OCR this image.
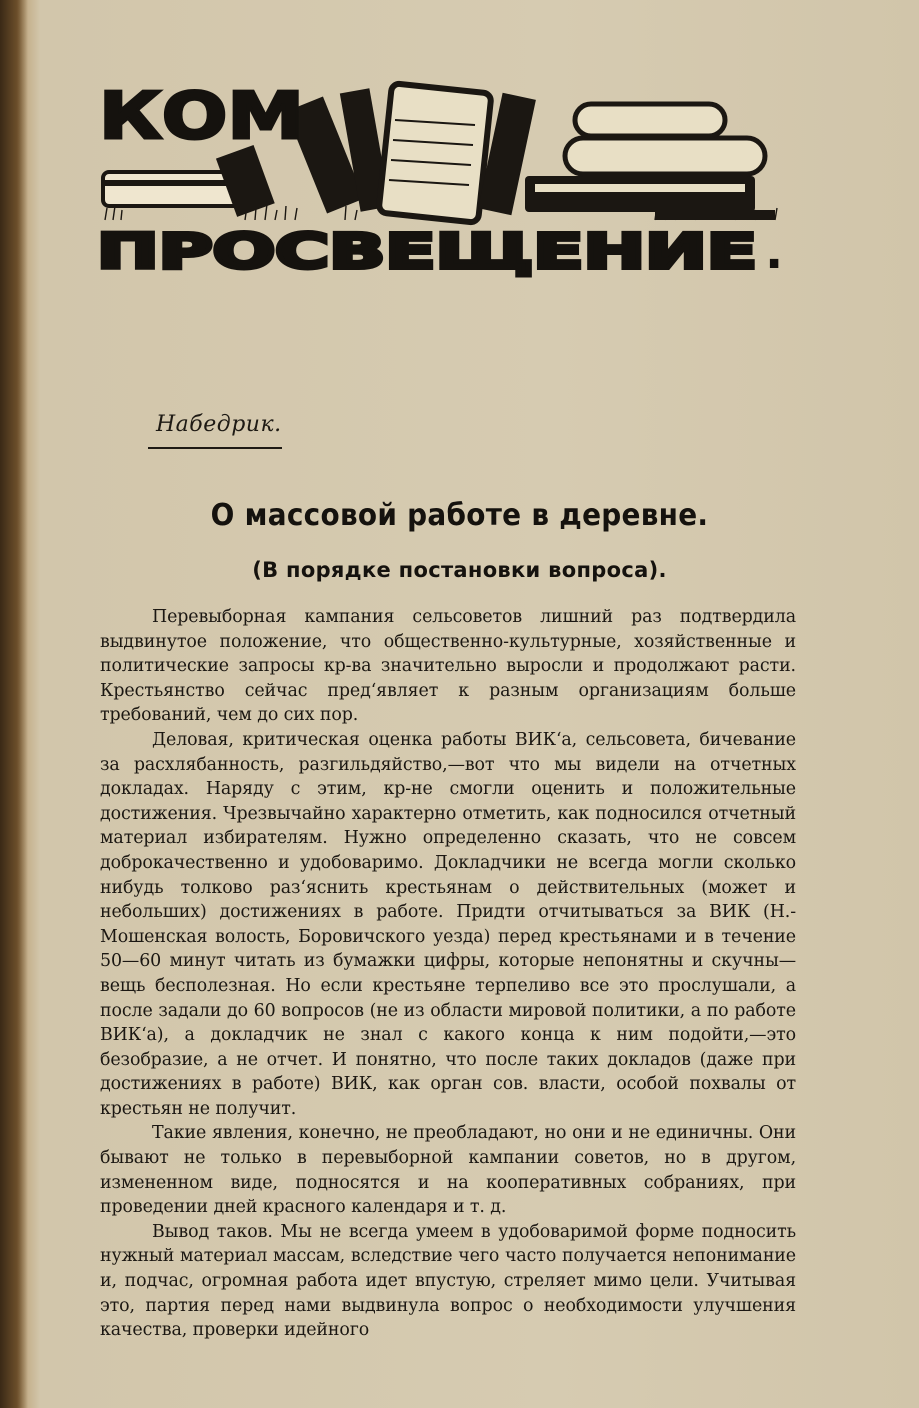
КОМ
ПРОСВЕЩЕНИЕ .
Набедрик.
О массовой работе в деревне.
(В порядке постановки вопроса).

Перевыборная кампания сельсоветов лишний раз подтвердила выдвинутое положение, что общественно-культурные, хозяйственные и политические запросы кр-ва значительно выросли и продолжают расти. Крестьянство сейчас пред‘являет к разным организациям больше требований, чем до сих пор.

Деловая, критическая оценка работы ВИК‘а, сельсовета, бичевание за расхлябанность, разгильдяйство,—вот что мы видели на отчетных докладах. Наряду с этим, кр-не смогли оценить и положительные достижения. Чрезвычайно характерно отметить, как подносился отчетный материал избирателям. Нужно определенно сказать, что не совсем доброкачественно и удобоваримо. Докладчики не всегда могли сколько нибудь толково раз‘яснить крестьянам о действительных (может и небольших) достижениях в работе. Придти отчитываться за ВИК (Н.-Мошенская волость, Боровичского уезда) перед крестьянами и в течение 50—60 минут читать из бумажки цифры, которые непонятны и скучны—вещь бесполезная. Но если крестьяне терпеливо все это прослушали, а после задали до 60 вопросов (не из области мировой политики, а по работе ВИК‘а), а докладчик не знал с какого конца к ним подойти,—это безобразие, а не отчет. И понятно, что после таких докладов (даже при достижениях в работе) ВИК, как орган сов. власти, особой похвалы от крестьян не получит.

Такие явления, конечно, не преобладают, но они и не единичны. Они бывают не только в перевыборной кампании советов, но в другом, измененном виде, подносятся и на кооперативных собраниях, при проведении дней красного календаря и т. д.

Вывод таков. Мы не всегда умеем в удобоваримой форме подносить нужный материал массам, вследствие чего часто получается непонимание и, подчас, огромная работа идет впустую, стреляет мимо цели. Учитывая это, партия перед нами выдвинула вопрос о необходимости улучшения качества, проверки идейного
